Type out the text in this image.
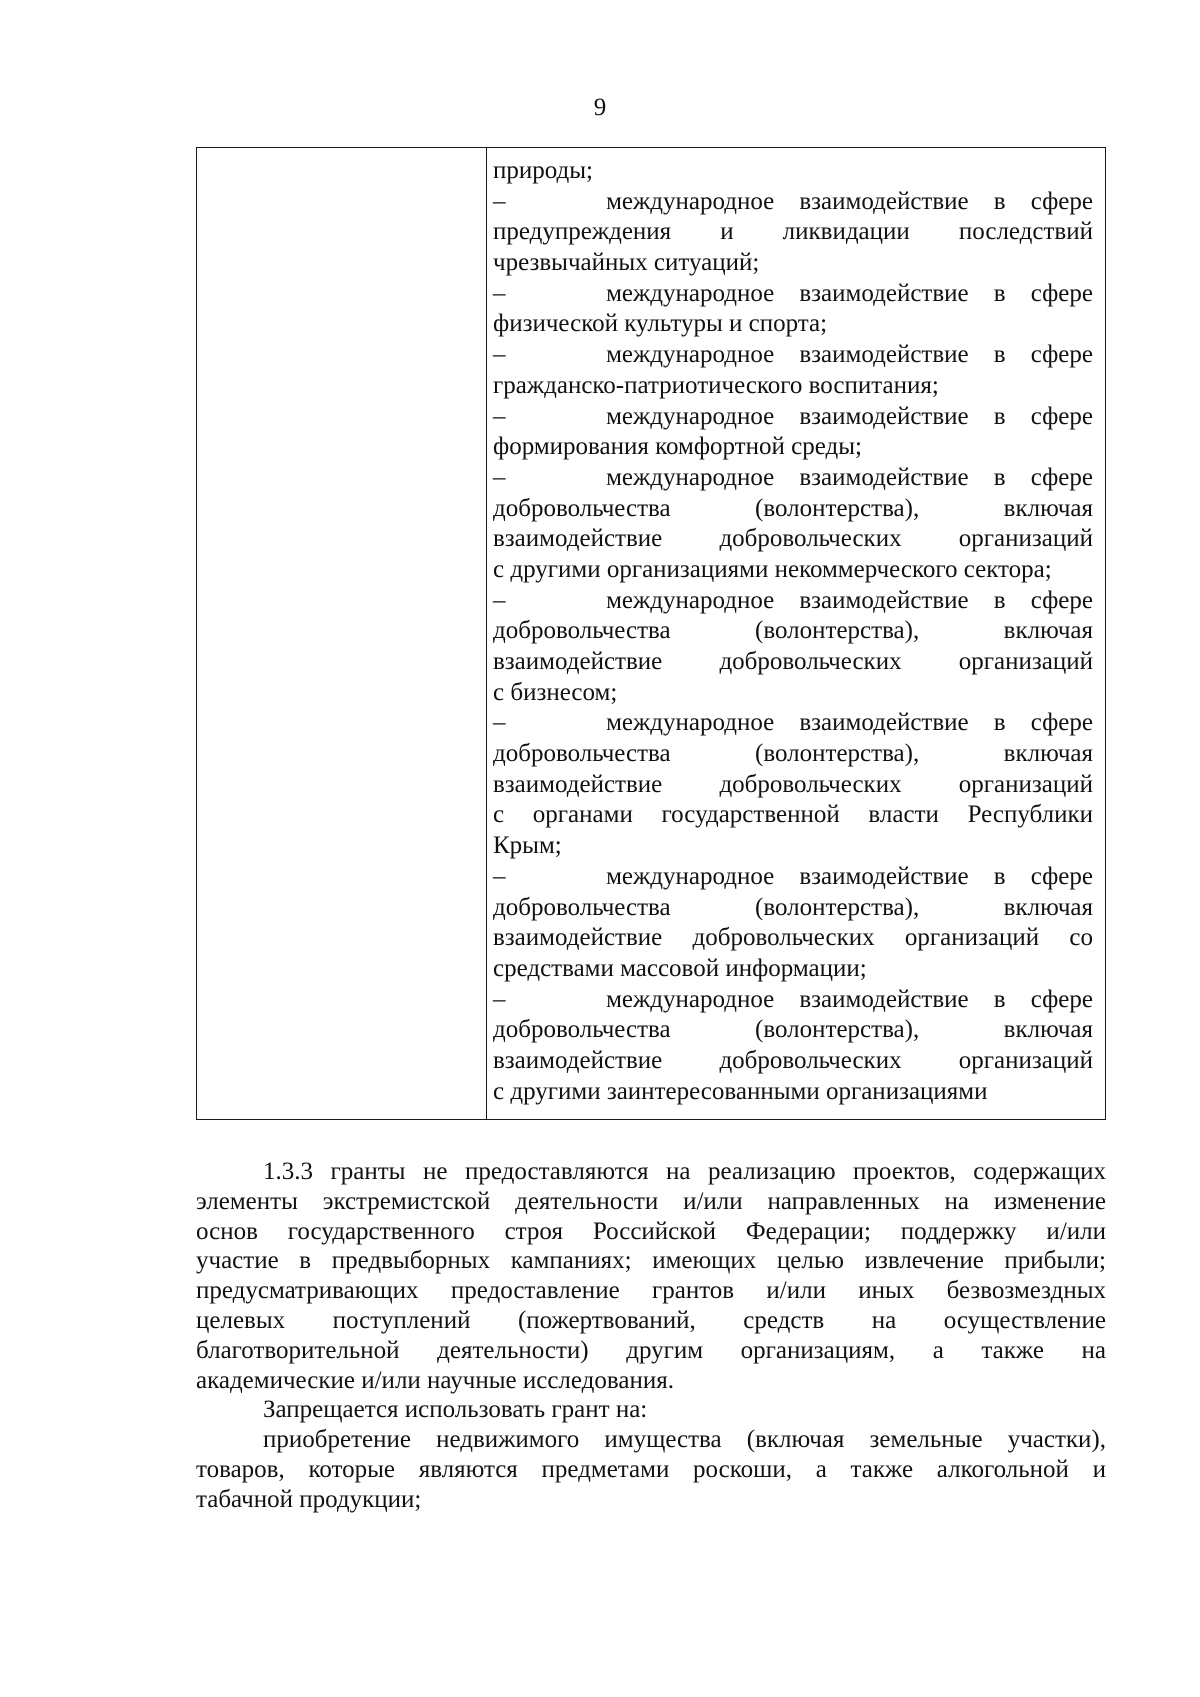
9
природы;
–    международное взаимодействие в сфере
предупреждения и ликвидации последствий
чрезвычайных ситуаций;
–    международное взаимодействие в сфере
физической культуры и спорта;
–    международное взаимодействие в сфере
гражданско-патриотического воспитания;
–    международное взаимодействие в сфере
формирования комфортной среды;
–    международное взаимодействие в сфере
добровольчества (волонтерства), включая
взаимодействие добровольческих организаций
с другими организациями некоммерческого сектора;
–    международное взаимодействие в сфере
добровольчества (волонтерства), включая
взаимодействие добровольческих организаций
с бизнесом;
–    международное взаимодействие в сфере
добровольчества (волонтерства), включая
взаимодействие добровольческих организаций
с органами государственной власти Республики
Крым;
–    международное взаимодействие в сфере
добровольчества (волонтерства), включая
взаимодействие добровольческих организаций со
средствами массовой информации;
–    международное взаимодействие в сфере
добровольчества (волонтерства), включая
взаимодействие добровольческих организаций
с другими заинтересованными организациями
1.3.3 гранты не предоставляются на реализацию проектов, содержащих
элементы экстремистской деятельности и/или направленных на изменение
основ государственного строя Российской Федерации; поддержку и/или
участие в предвыборных кампаниях; имеющих целью извлечение прибыли;
предусматривающих предоставление грантов и/или иных безвозмездных
целевых поступлений (пожертвований, средств на осуществление
благотворительной деятельности) другим организациям, а также на
академические и/или научные исследования.
Запрещается использовать грант на:
приобретение недвижимого имущества (включая земельные участки),
товаров, которые являются предметами роскоши, а также алкогольной и
табачной продукции;
